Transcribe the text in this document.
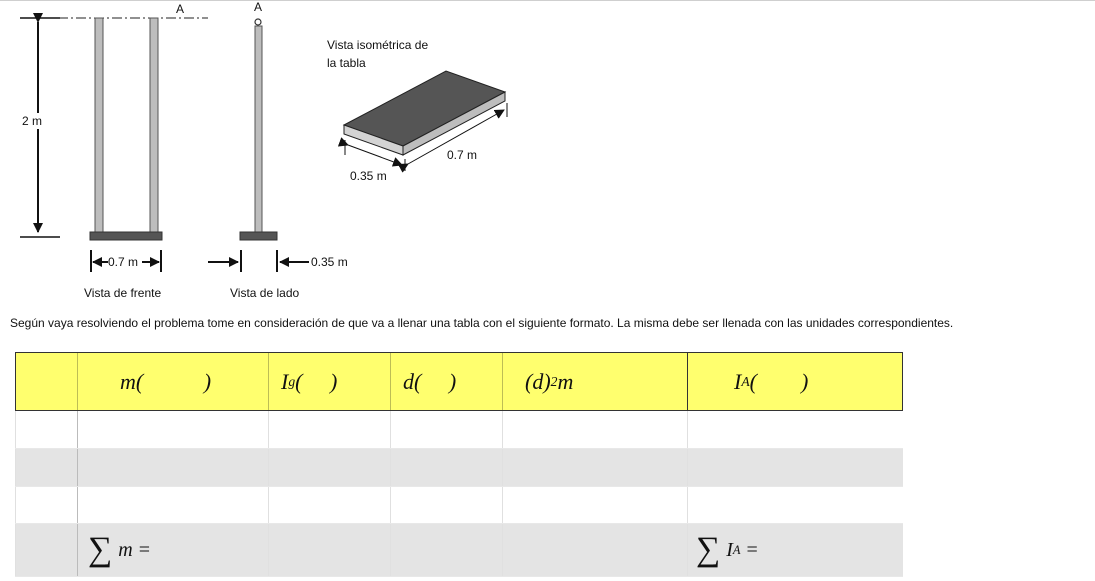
A	A
2 m
0.7 m
Vista de frente
0.35 m
Vista de lado
Vista isométrica de
la tabla
0.7 m
0.35 m
Según vaya resolviendo el problema tome en consideración de que va a llenar una tabla con el siguiente formato. La misma debe ser llenada con las unidades correspondientes.

	m (           )	I g (     )	d (     )	(d) 2 m	I A (        )

	∑ m =				∑ I A =
